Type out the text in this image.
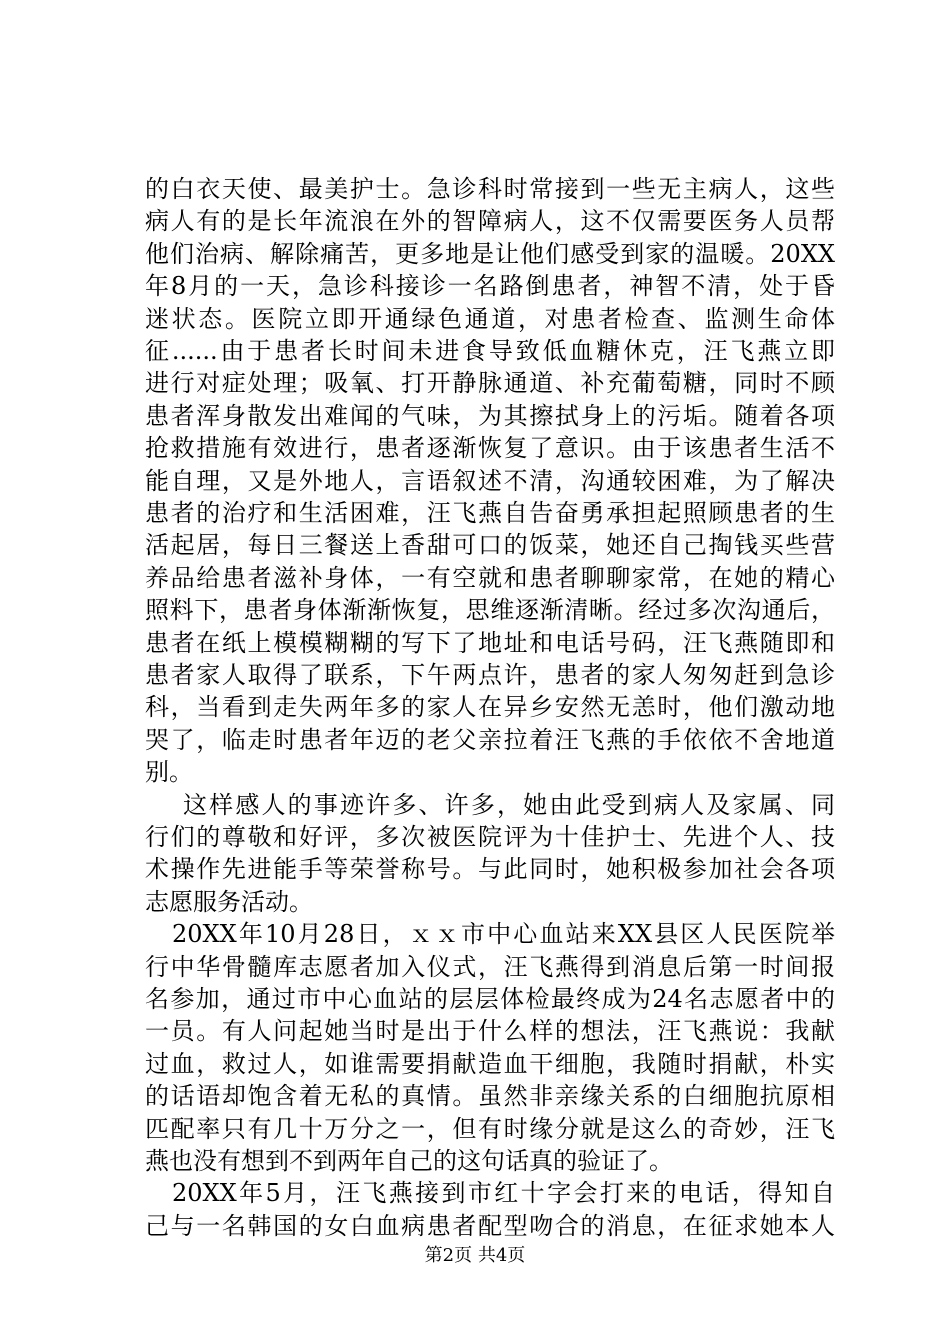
的白衣天使、最美护士。急诊科时常接到一些无主病人，这些
病人有的是长年流浪在外的智障病人，这不仅需要医务人员帮
他们治病、解除痛苦，更多地是让他们感受到家的温暖。20XX
年8月的一天，急诊科接诊一名路倒患者，神智不清，处于昏
迷状态。医院立即开通绿色通道，对患者检查、监测生命体
征......由于患者长时间未进食导致低血糖休克，汪飞燕立即
进行对症处理；吸氧、打开静脉通道、补充葡萄糖，同时不顾
患者浑身散发出难闻的气味，为其擦拭身上的污垢。随着各项
抢救措施有效进行，患者逐渐恢复了意识。由于该患者生活不
能自理，又是外地人，言语叙述不清，沟通较困难，为了解决
患者的治疗和生活困难，汪飞燕自告奋勇承担起照顾患者的生
活起居，每日三餐送上香甜可口的饭菜，她还自己掏钱买些营
养品给患者滋补身体，一有空就和患者聊聊家常，在她的精心
照料下，患者身体渐渐恢复，思维逐渐清晰。经过多次沟通后，
患者在纸上模模糊糊的写下了地址和电话号码，汪飞燕随即和
患者家人取得了联系，下午两点许，患者的家人匆匆赶到急诊
科，当看到走失两年多的家人在异乡安然无恙时，他们激动地
哭了，临走时患者年迈的老父亲拉着汪飞燕的手依依不舍地道
别。
这样感人的事迹许多、许多，她由此受到病人及家属、同
行们的尊敬和好评，多次被医院评为十佳护士、先进个人、技
术操作先进能手等荣誉称号。与此同时，她积极参加社会各项
志愿服务活动。
20XX年10月28日，ｘｘ市中心血站来XX县区人民医院举
行中华骨髓库志愿者加入仪式，汪飞燕得到消息后第一时间报
名参加，通过市中心血站的层层体检最终成为24名志愿者中的
一员。有人问起她当时是出于什么样的想法，汪飞燕说：我献
过血，救过人，如谁需要捐献造血干细胞，我随时捐献，朴实
的话语却饱含着无私的真情。虽然非亲缘关系的白细胞抗原相
匹配率只有几十万分之一，但有时缘分就是这么的奇妙，汪飞
燕也没有想到不到两年自己的这句话真的验证了。
20XX年5月，汪飞燕接到市红十字会打来的电话，得知自
己与一名韩国的女白血病患者配型吻合的消息，在征求她本人
第2页 共4页
